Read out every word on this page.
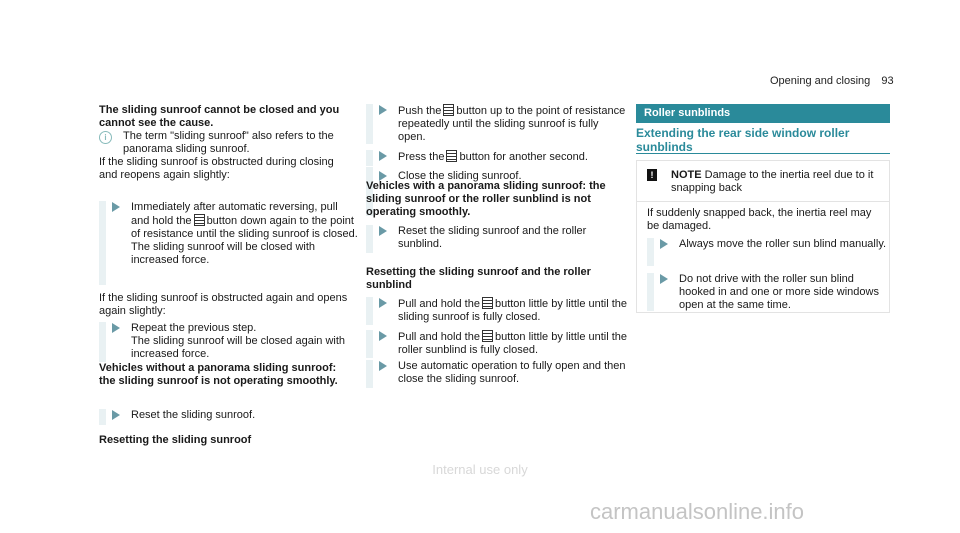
Opening and closing 93

The sliding sunroof cannot be closed and you cannot see the cause.

i	The term "sliding sunroof" also refers to the panorama sliding sunroof.

If the sliding sunroof is obstructed during closing and reopens again slightly:

Immediately after automatic reversing, pull and hold the button down again to the point of resistance until the sliding sunroof is closed.

The sliding sunroof will be closed with increased force.

If the sliding sunroof is obstructed again and opens again slightly:

Repeat the previous step.

The sliding sunroof will be closed again with increased force.

Vehicles without a panorama sliding sunroof: the sliding sunroof is not operating smoothly.

Reset the sliding sunroof.

Resetting the sliding sunroof

Push the button up to the point of resistance repeatedly until the sliding sunroof is fully open.

Press the button for another second.

Close the sliding sunroof.

Vehicles with a panorama sliding sunroof: the sliding sunroof or the roller sunblind is not operating smoothly.

Reset the sliding sunroof and the roller sunblind.

Resetting the sliding sunroof and the roller sunblind

Pull and hold the button little by little until the sliding sunroof is fully closed.

Pull and hold the button little by little until the roller sunblind is fully closed.

Use automatic operation to fully open and then close the sliding sunroof.

Roller sunblinds

Extending the rear side window roller sunblinds

!	NOTE Damage to the inertia reel due to it snapping back

If suddenly snapped back, the inertia reel may be damaged.

Always move the roller sun blind manually.

Do not drive with the roller sun blind hooked in and one or more side windows open at the same time.

Internal use only
carmanualsonline.info
